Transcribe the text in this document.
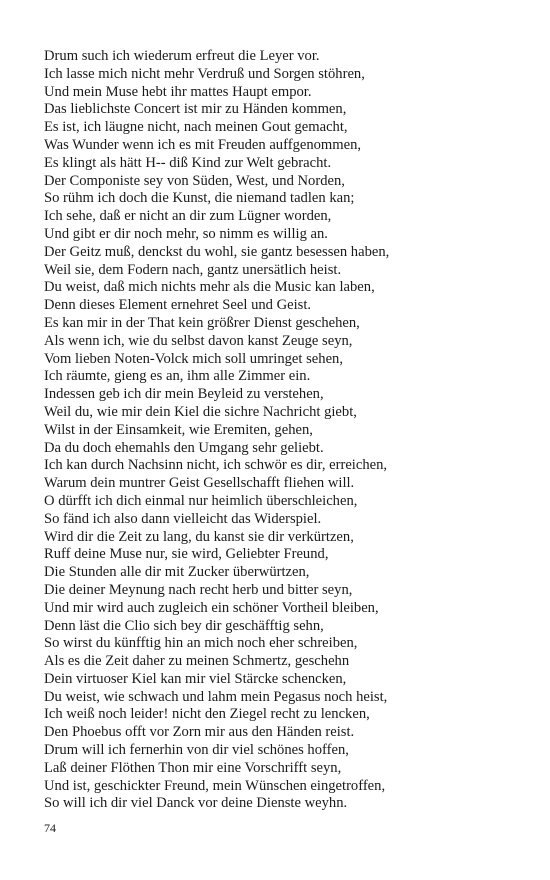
Drum such ich wiederum erfreut die Leyer vor.
Ich lasse mich nicht mehr Verdruß und Sorgen stöhren,
Und mein Muse hebt ihr mattes Haupt empor.
Das lieblichste Concert ist mir zu Händen kommen,
Es ist, ich läugne nicht, nach meinen Gout gemacht,
Was Wunder wenn ich es mit Freuden auffgenommen,
Es klingt als hätt H-- diß Kind zur Welt gebracht.
Der Componiste sey von Süden, West, und Norden,
So rühm ich doch die Kunst, die niemand tadlen kan;
Ich sehe, daß er nicht an dir zum Lügner worden,
Und gibt er dir noch mehr, so nimm es willig an.
Der Geitz muß, denckst du wohl, sie gantz besessen haben,
Weil sie, dem Fodern nach, gantz unersätlich heist.
Du weist, daß mich nichts mehr als die Music kan laben,
Denn dieses Element ernehret Seel und Geist.
Es kan mir in der That kein größrer Dienst geschehen,
Als wenn ich, wie du selbst davon kanst Zeuge seyn,
Vom lieben Noten-Volck mich soll umringet sehen,
Ich räumte, gieng es an, ihm alle Zimmer ein.
Indessen geb ich dir mein Beyleid zu verstehen,
Weil du, wie mir dein Kiel die sichre Nachricht giebt,
Wilst in der Einsamkeit, wie Eremiten, gehen,
Da du doch ehemahls den Umgang sehr geliebt.
Ich kan durch Nachsinn nicht, ich schwör es dir, erreichen,
Warum dein muntrer Geist Gesellschafft fliehen will.
O dürfft ich dich einmal nur heimlich überschleichen,
So fänd ich also dann vielleicht das Widerspiel.
Wird dir die Zeit zu lang, du kanst sie dir verkürtzen,
Ruff deine Muse nur, sie wird, Geliebter Freund,
Die Stunden alle dir mit Zucker überwürtzen,
Die deiner Meynung nach recht herb und bitter seyn,
Und mir wird auch zugleich ein schöner Vortheil bleiben,
Denn läst die Clio sich bey dir geschäfftig sehn,
So wirst du künfftig hin an mich noch eher schreiben,
Als es die Zeit daher zu meinen Schmertz, geschehn
Dein virtuoser Kiel kan mir viel Stärcke schencken,
Du weist, wie schwach und lahm mein Pegasus noch heist,
Ich weiß noch leider! nicht den Ziegel recht zu lencken,
Den Phoebus offt vor Zorn mir aus den Händen reist.
Drum will ich fernerhin von dir viel schönes hoffen,
Laß deiner Flöthen Thon mir eine Vorschrifft seyn,
Und ist, geschickter Freund, mein Wünschen eingetroffen,
So will ich dir viel Danck vor deine Dienste weyhn.
74
